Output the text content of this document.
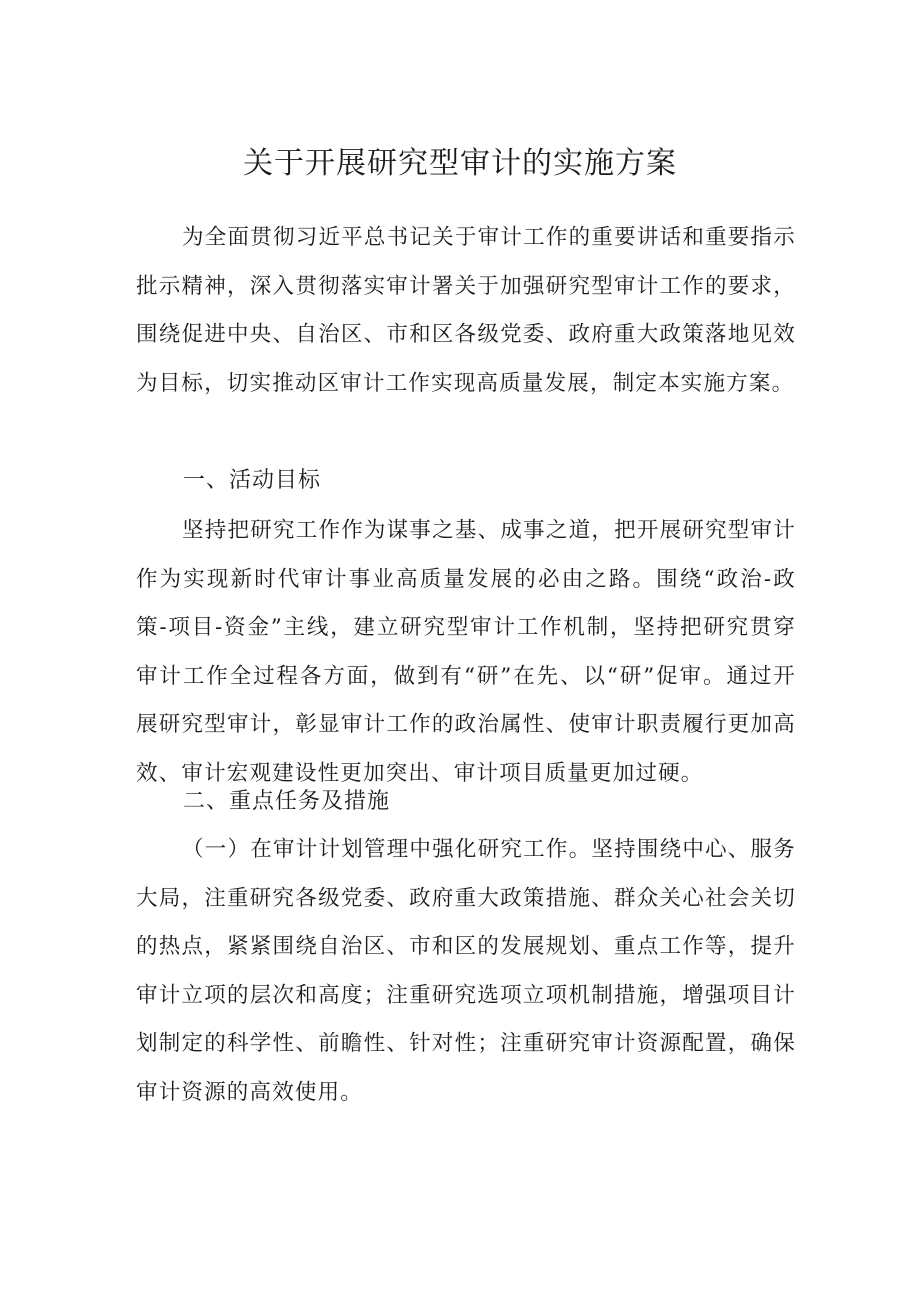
关于开展研究型审计的实施方案

为全面贯彻习近平总书记关于审计工作的重要讲话和重要指示批示精神，深入贯彻落实审计署关于加强研究型审计工作的要求，围绕促进中央、自治区、市和区各级党委、政府重大政策落地见效为目标，切实推动区审计工作实现高质量发展，制定本实施方案。

一、活动目标

坚持把研究工作作为谋事之基、成事之道，把开展研究型审计作为实现新时代审计事业高质量发展的必由之路。围绕“政治-政策-项目-资金”主线，建立研究型审计工作机制，坚持把研究贯穿审计工作全过程各方面，做到有“研”在先、以“研”促审。通过开展研究型审计，彰显审计工作的政治属性、使审计职责履行更加高效、审计宏观建设性更加突出、审计项目质量更加过硬。

二、重点任务及措施

（一）在审计计划管理中强化研究工作。坚持围绕中心、服务大局，注重研究各级党委、政府重大政策措施、群众关心社会关切的热点，紧紧围绕自治区、市和区的发展规划、重点工作等，提升审计立项的层次和高度；注重研究选项立项机制措施，增强项目计划制定的科学性、前瞻性、针对性；注重研究审计资源配置，确保审计资源的高效使用。
